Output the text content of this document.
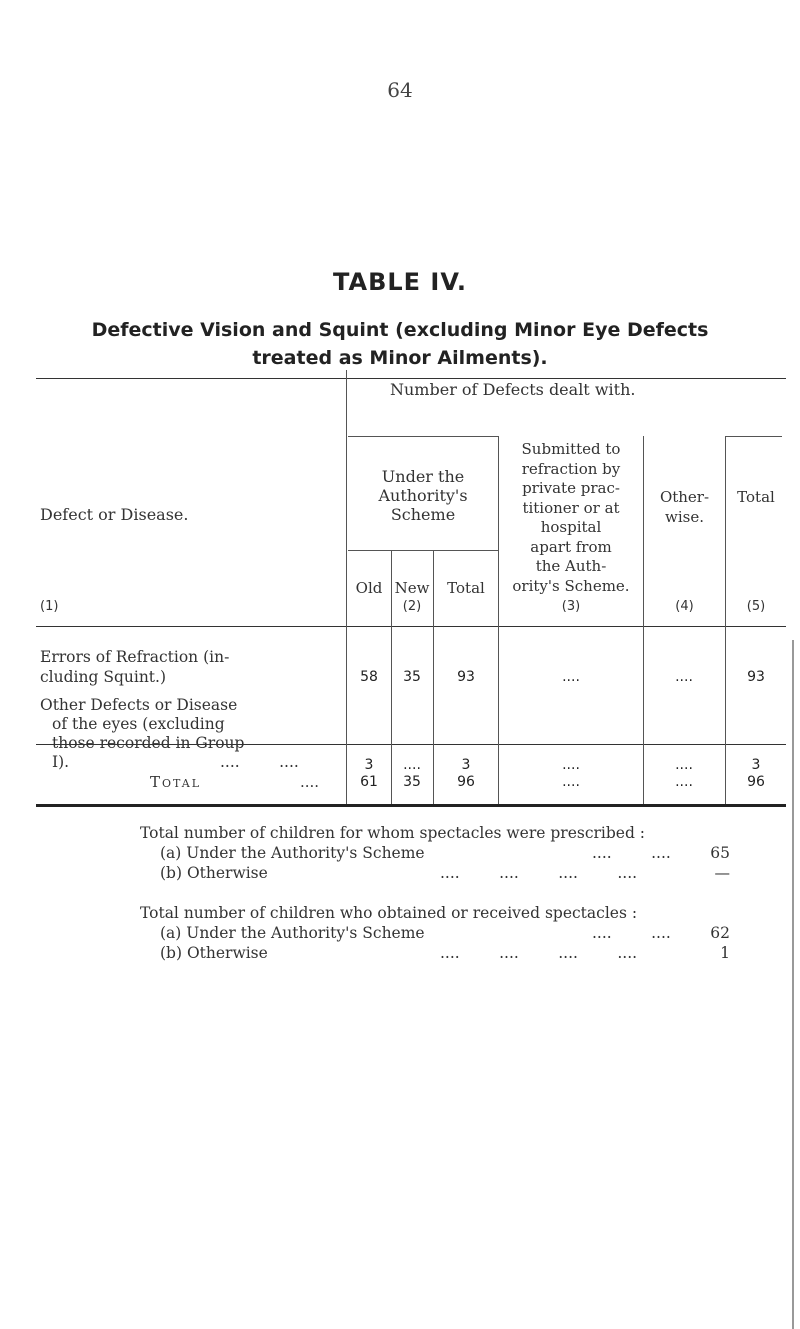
64
TABLE IV.
Defective Vision and Squint (excluding Minor Eye Defects
treated as Minor Ailments).
Number of Defects dealt with.
Defect or Disease.
(1)
Under the
Authority's
Scheme
Old New
(2)
Total
Submitted to
refraction by
private prac-
titioner or at
hospital
apart from
the Auth-
ority's Scheme.
(3)
Other-
wise.
(4)
Total
(5)
Errors of Refraction (in-
cluding Squint.)	58	35	93	....	....	93
Other Defects or Disease
of the eyes (excluding
those recorded in Group
I).	....        ....	3	....	3	....	....	3
Total	....	61	35	96	....	....	96
Total number of children for whom spectacles were prescribed :
(a) Under the Authority's Scheme	....        ....	65
(b) Otherwise	....        ....        ....        ....	—
Total number of children who obtained or received spectacles :
(a) Under the Authority's Scheme	....        ....	62
(b) Otherwise	....        ....        ....        ....	1
